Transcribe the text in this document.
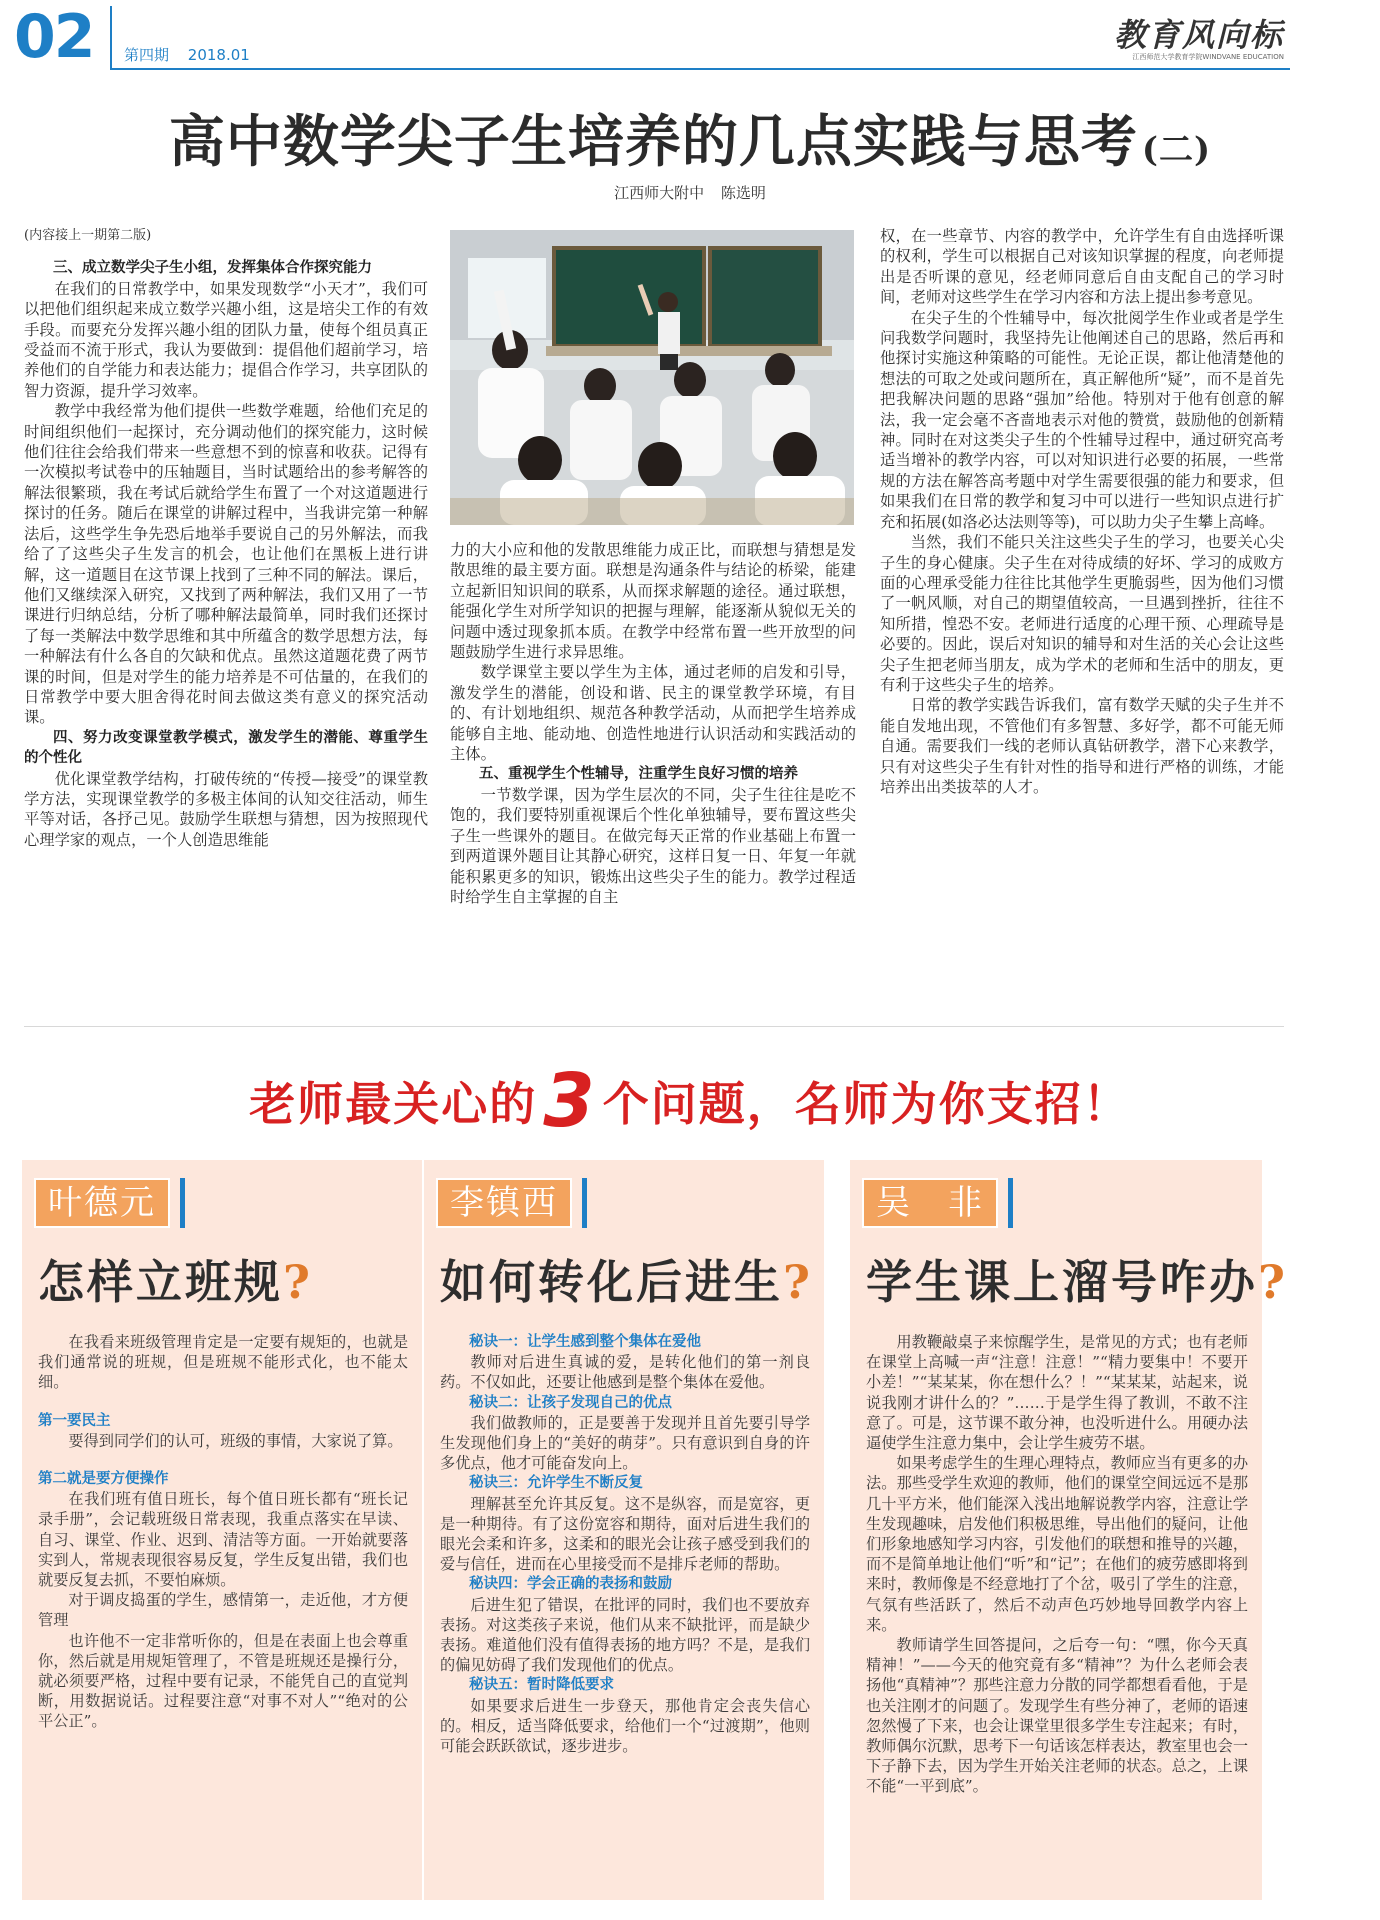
02 第四期 2018.01
教育风向标
江西师范大学教育学院WINDVANE EDUCATION
高中数学尖子生培养的几点实践与思考 (二)
江西师大附中 陈选明

(内容接上一期第二版)

三、成立数学尖子生小组，发挥集体合作探究能力

在我们的日常教学中，如果发现数学“小天才”，我们可以把他们组织起来成立数学兴趣小组，这是培尖工作的有效手段。而要充分发挥兴趣小组的团队力量，使每个组员真正受益而不流于形式，我认为要做到：提倡他们超前学习，培养他们的自学能力和表达能力；提倡合作学习，共享团队的智力资源，提升学习效率。

教学中我经常为他们提供一些数学难题，给他们充足的时间组织他们一起探讨，充分调动他们的探究能力，这时候他们往往会给我们带来一些意想不到的惊喜和收获。记得有一次模拟考试卷中的压轴题目，当时试题给出的参考解答的解法很繁琐，我在考试后就给学生布置了一个对这道题进行探讨的任务。随后在课堂的讲解过程中，当我讲完第一种解法后，这些学生争先恐后地举手要说自己的另外解法，而我给了了这些尖子生发言的机会，也让他们在黑板上进行讲解，这一道题目在这节课上找到了三种不同的解法。课后，他们又继续深入研究，又找到了两种解法，我们又用了一节课进行归纳总结，分析了哪种解法最简单，同时我们还探讨了每一类解法中数学思维和其中所蕴含的数学思想方法，每一种解法有什么各自的欠缺和优点。虽然这道题花费了两节课的时间，但是对学生的能力培养是不可估量的，在我们的日常教学中要大胆舍得花时间去做这类有意义的探究活动课。

四、努力改变课堂教学模式，激发学生的潜能、尊重学生的个性化

优化课堂教学结构，打破传统的“传授—接受”的课堂教学方法，实现课堂教学的多极主体间的认知交往活动，师生平等对话，各抒己见。鼓励学生联想与猜想，因为按照现代心理学家的观点，一个人创造思维能

力的大小应和他的发散思维能力成正比，而联想与猜想是发散思维的最主要方面。联想是沟通条件与结论的桥梁，能建立起新旧知识间的联系，从而探求解题的途径。通过联想，能强化学生对所学知识的把握与理解，能逐渐从貌似无关的问题中透过现象抓本质。在教学中经常布置一些开放型的问题鼓励学生进行求异思维。

数学课堂主要以学生为主体，通过老师的启发和引导，激发学生的潜能，创设和谐、民主的课堂教学环境，有目的、有计划地组织、规范各种教学活动，从而把学生培养成能够自主地、能动地、创造性地进行认识活动和实践活动的主体。

五、重视学生个性辅导，注重学生良好习惯的培养

一节数学课，因为学生层次的不同，尖子生往往是吃不饱的，我们要特别重视课后个性化单独辅导，要布置这些尖子生一些课外的题目。在做完每天正常的作业基础上布置一到两道课外题目让其静心研究，这样日复一日、年复一年就能积累更多的知识，锻炼出这些尖子生的能力。教学过程适时给学生自主掌握的自主

权，在一些章节、内容的教学中，允许学生有自由选择听课的权利，学生可以根据自己对该知识掌握的程度，向老师提出是否听课的意见，经老师同意后自由支配自己的学习时间，老师对这些学生在学习内容和方法上提出参考意见。

在尖子生的个性辅导中，每次批阅学生作业或者是学生问我数学问题时，我坚持先让他阐述自己的思路，然后再和他探讨实施这种策略的可能性。无论正误，都让他清楚他的想法的可取之处或问题所在，真正解他所“疑”，而不是首先把我解决问题的思路“强加”给他。特别对于他有创意的解法，我一定会毫不吝啬地表示对他的赞赏，鼓励他的创新精神。同时在对这类尖子生的个性辅导过程中，通过研究高考适当增补的教学内容，可以对知识进行必要的拓展，一些常规的方法在解答高考题中对学生需要很强的能力和要求，但如果我们在日常的教学和复习中可以进行一些知识点进行扩充和拓展(如洛必达法则等等)，可以助力尖子生攀上高峰。

当然，我们不能只关注这些尖子生的学习，也要关心尖子生的身心健康。尖子生在对待成绩的好坏、学习的成败方面的心理承受能力往往比其他学生更脆弱些，因为他们习惯了一帆风顺，对自己的期望值较高，一旦遇到挫折，往往不知所措，惶恐不安。老师进行适度的心理干预、心理疏导是必要的。因此，误后对知识的辅导和对生活的关心会让这些尖子生把老师当朋友，成为学术的老师和生活中的朋友，更有利于这些尖子生的培养。

日常的教学实践告诉我们，富有数学天赋的尖子生并不能自发地出现，不管他们有多智慧、多好学，都不可能无师自通。需要我们一线的老师认真钻研教学，潜下心来教学，只有对这些尖子生有针对性的指导和进行严格的训练，才能培养出出类拔萃的人才。

老师最关心的3 个问题，名师为你支招！
叶德元
怎样立班规?

在我看来班级管理肯定是一定要有规矩的，也就是我们通常说的班规，但是班规不能形式化，也不能太细。

第一要民主

要得到同学们的认可，班级的事情，大家说了算。

第二就是要方便操作

在我们班有值日班长，每个值日班长都有“班长记录手册”，会记载班级日常表现，我重点落实在早读、自习、课堂、作业、迟到、清洁等方面。一开始就要落实到人，常规表现很容易反复，学生反复出错，我们也就要反复去抓，不要怕麻烦。

对于调皮捣蛋的学生，感情第一，走近他，才方便管理

也许他不一定非常听你的，但是在表面上也会尊重你，然后就是用规矩管理了，不管是班规还是操行分，就必须要严格，过程中要有记录，不能凭自己的直觉判断，用数据说话。过程要注意“对事不对人”“绝对的公平公正”。

李镇西
如何转化后进生?
秘诀一：让学生感到整个集体在爱他

教师对后进生真诚的爱，是转化他们的第一剂良药。不仅如此，还要让他感到是整个集体在爱他。

秘诀二：让孩子发现自己的优点

我们做教师的，正是要善于发现并且首先要引导学生发现他们身上的“美好的萌芽”。只有意识到自身的许多优点，他才可能奋发向上。

秘诀三：允许学生不断反复

理解甚至允许其反复。这不是纵容，而是宽容，更是一种期待。有了这份宽容和期待，面对后进生我们的眼光会柔和许多，这柔和的眼光会让孩子感受到我们的爱与信任，进而在心里接受而不是排斥老师的帮助。

秘诀四：学会正确的表扬和鼓励

后进生犯了错误，在批评的同时，我们也不要放弃表扬。对这类孩子来说，他们从来不缺批评，而是缺少表扬。难道他们没有值得表扬的地方吗？不是，是我们的偏见妨碍了我们发现他们的优点。

秘诀五：暂时降低要求

如果要求后进生一步登天，那他肯定会丧失信心的。相反，适当降低要求，给他们一个“过渡期”，他则可能会跃跃欲试，逐步进步。

吴　非
学生课上溜号咋办?

用教鞭敲桌子来惊醒学生，是常见的方式；也有老师在课堂上高喊一声“注意！注意！”“精力要集中！不要开小差！”“某某某，你在想什么？！”“某某某，站起来，说说我刚才讲什么的？”……于是学生得了教训，不敢不注意了。可是，这节课不敢分神，也没听进什么。用硬办法逼使学生注意力集中，会让学生疲劳不堪。

如果考虑学生的生理心理特点，教师应当有更多的办法。那些受学生欢迎的教师，他们的课堂空间远远不是那几十平方米，他们能深入浅出地解说教学内容，注意让学生发现趣味，启发他们积极思维，导出他们的疑问，让他们形象地感知学习内容，引发他们的联想和推导的兴趣，而不是简单地让他们“听”和“记”；在他们的疲劳感即将到来时，教师像是不经意地打了个岔，吸引了学生的注意，气氛有些活跃了，然后不动声色巧妙地导回教学内容上来。

教师请学生回答提问，之后夸一句：“嘿，你今天真精神！”——今天的他究竟有多“精神”？为什么老师会表扬他“真精神”？那些注意力分散的同学都想看看他，于是也关注刚才的问题了。发现学生有些分神了，老师的语速忽然慢了下来，也会让课堂里很多学生专注起来；有时，教师偶尔沉默，思考下一句话该怎样表达，教室里也会一下子静下去，因为学生开始关注老师的状态。总之，上课不能“一平到底”。
